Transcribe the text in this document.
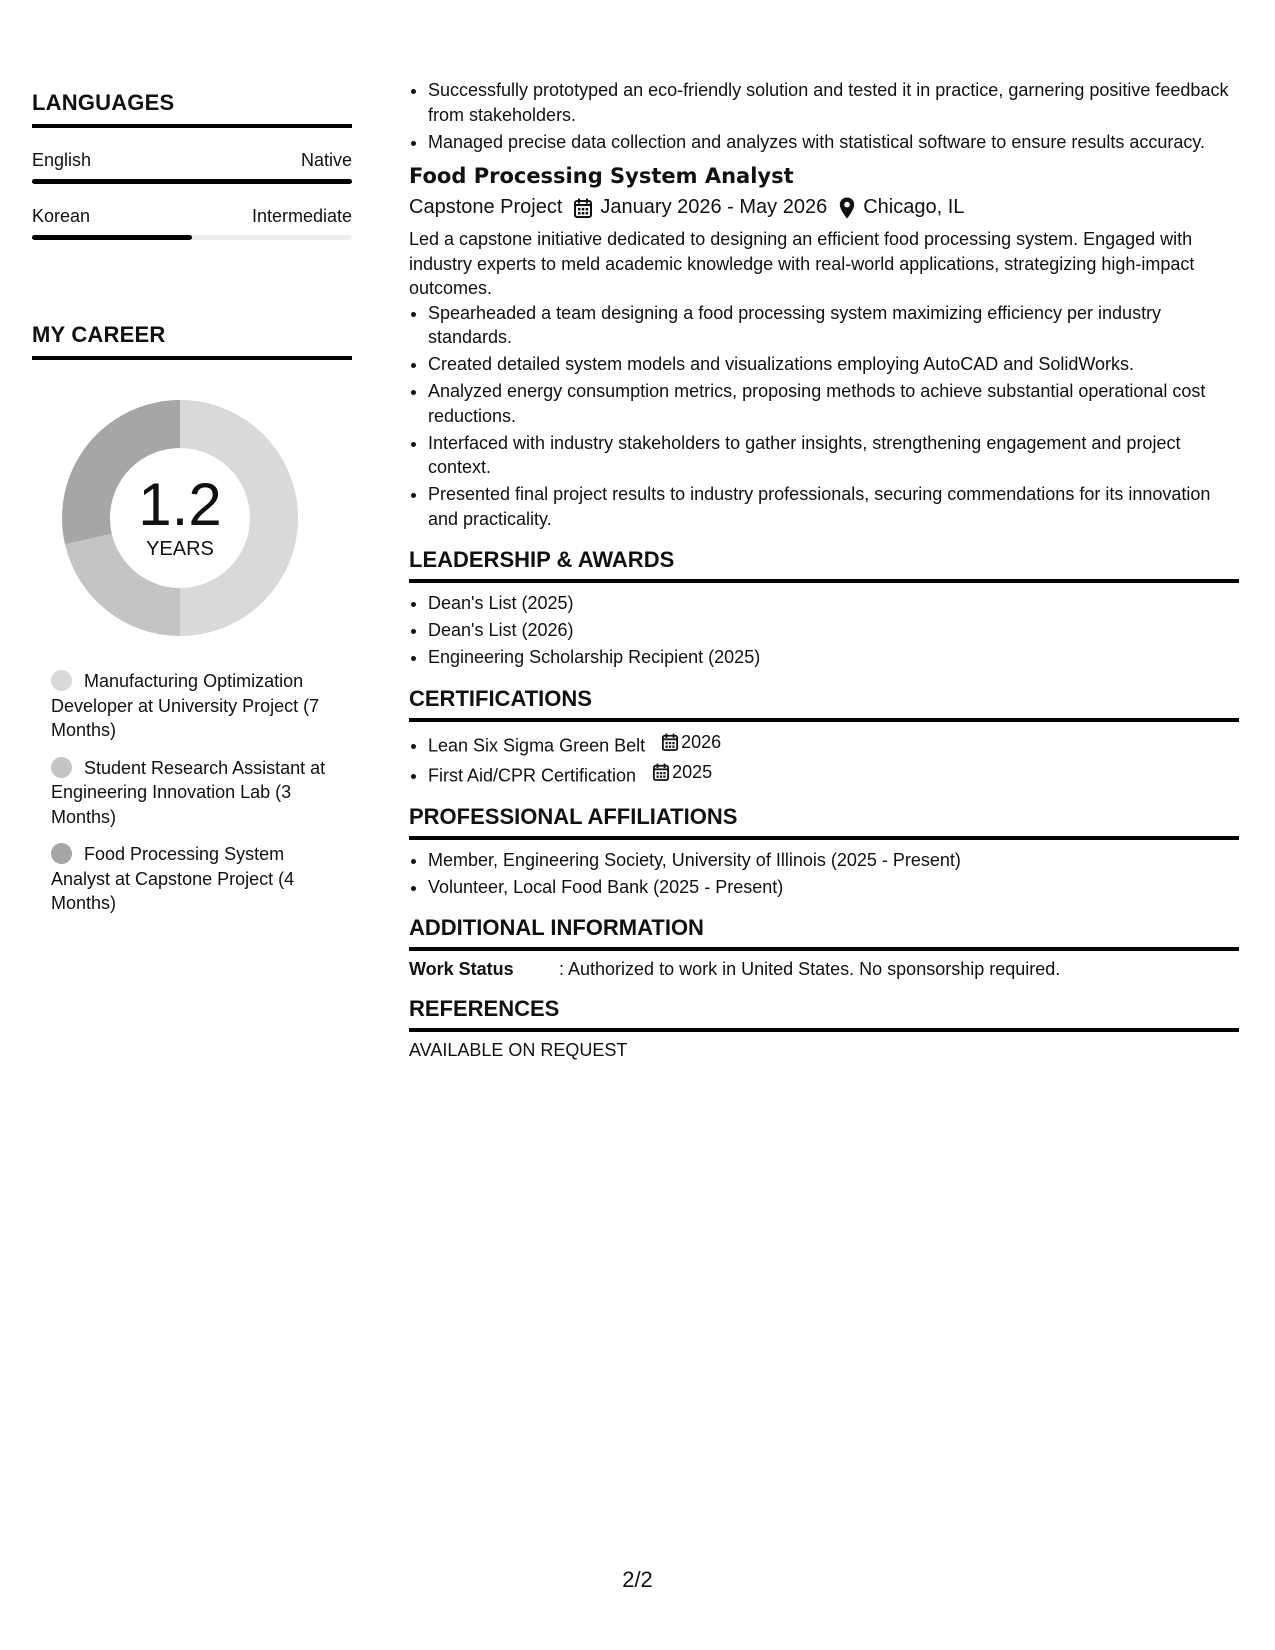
LANGUAGES
English	Native
Korean	Intermediate
MY CAREER
1.2
YEARS
Manufacturing Optimization Developer at University Project (7 Months)
Student Research Assistant at Engineering Innovation Lab (3 Months)
Food Processing System Analyst at Capstone Project (4 Months)
• Successfully prototyped an eco-friendly solution and tested it in practice, garnering positive feedback from stakeholders.
• Managed precise data collection and analyzes with statistical software to ensure results accuracy.
Food Processing System Analyst
Capstone Project January 2026 - May 2026 Chicago, IL
Led a capstone initiative dedicated to designing an efficient food processing system. Engaged with industry experts to meld academic knowledge with real-world applications, strategizing high-impact outcomes.
• Spearheaded a team designing a food processing system maximizing efficiency per industry standards.
• Created detailed system models and visualizations employing AutoCAD and SolidWorks.
• Analyzed energy consumption metrics, proposing methods to achieve substantial operational cost reductions.
• Interfaced with industry stakeholders to gather insights, strengthening engagement and project context.
• Presented final project results to industry professionals, securing commendations for its innovation and practicality.
LEADERSHIP & AWARDS
• Dean's List (2025)
• Dean's List (2026)
• Engineering Scholarship Recipient (2025)
CERTIFICATIONS
• Lean Six Sigma Green Belt 2026
• First Aid/CPR Certification 2025
PROFESSIONAL AFFILIATIONS
• Member, Engineering Society, University of Illinois (2025 - Present)
• Volunteer, Local Food Bank (2025 - Present)
ADDITIONAL INFORMATION
Work Status	: Authorized to work in United States. No sponsorship required.
REFERENCES
AVAILABLE ON REQUEST
2/2
